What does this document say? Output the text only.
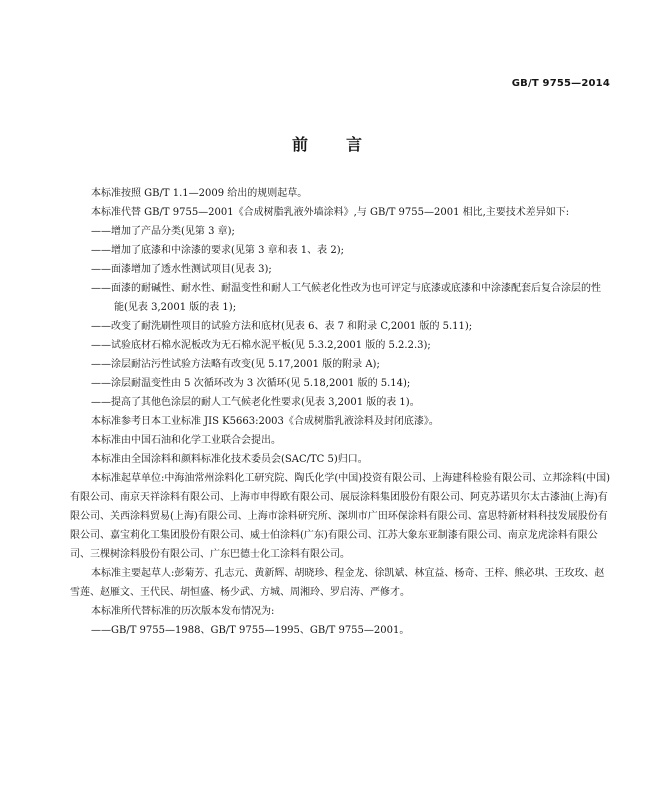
GB/T 9755—2014
前言

本标准按照 GB/T 1.1—2009 给出的规则起草。

本标准代替 GB/T 9755—2001《合成树脂乳液外墙涂料》,与 GB/T 9755—2001 相比,主要技术差异如下:

——增加了产品分类(见第 3 章);
——增加了底漆和中涂漆的要求(见第 3 章和表 1、表 2);
——面漆增加了透水性测试项目(见表 3);
——面漆的耐碱性、耐水性、耐温变性和耐人工气候老化性改为也可评定与底漆或底漆和中涂漆配套后复合涂层的性能(见表 3,2001 版的表 1);
——改变了耐洗刷性项目的试验方法和底材(见表 6、表 7 和附录 C,2001 版的 5.11);
——试验底材石棉水泥板改为无石棉水泥平板(见 5.3.2,2001 版的 5.2.2.3);
——涂层耐沾污性试验方法略有改变(见 5.17,2001 版的附录 A);
——涂层耐温变性由 5 次循环改为 3 次循环(见 5.18,2001 版的 5.14);
——提高了其他色涂层的耐人工气候老化性要求(见表 3,2001 版的表 1)。

本标准参考日本工业标准 JIS K5663:2003《合成树脂乳液涂料及封闭底漆》。

本标准由中国石油和化学工业联合会提出。

本标准由全国涂料和颜料标准化技术委员会(SAC/TC 5)归口。

本标准起草单位:中海油常州涂料化工研究院、陶氏化学(中国)投资有限公司、上海建科检验有限公司、立邦涂料(中国)有限公司、南京天祥涂料有限公司、上海市申得欧有限公司、展辰涂料集团股份有限公司、阿克苏诺贝尔太古漆油(上海)有限公司、关西涂料贸易(上海)有限公司、上海市涂料研究所、深圳市广田环保涂料有限公司、富思特新材料科技发展股份有限公司、嘉宝莉化工集团股份有限公司、威士伯涂料(广东)有限公司、江苏大象东亚制漆有限公司、南京龙虎涂料有限公司、三棵树涂料股份有限公司、广东巴德士化工涂料有限公司。

本标准主要起草人:彭菊芳、孔志元、黄新辉、胡晓珍、程金龙、徐凯斌、林宜益、杨奇、王梓、熊必琪、王玫玫、赵雪莲、赵雁文、王代民、胡恒盛、杨少武、方城、周湘玲、罗启涛、严修才。

本标准所代替标准的历次版本发布情况为:

——GB/T 9755—1988、GB/T 9755—1995、GB/T 9755—2001。
